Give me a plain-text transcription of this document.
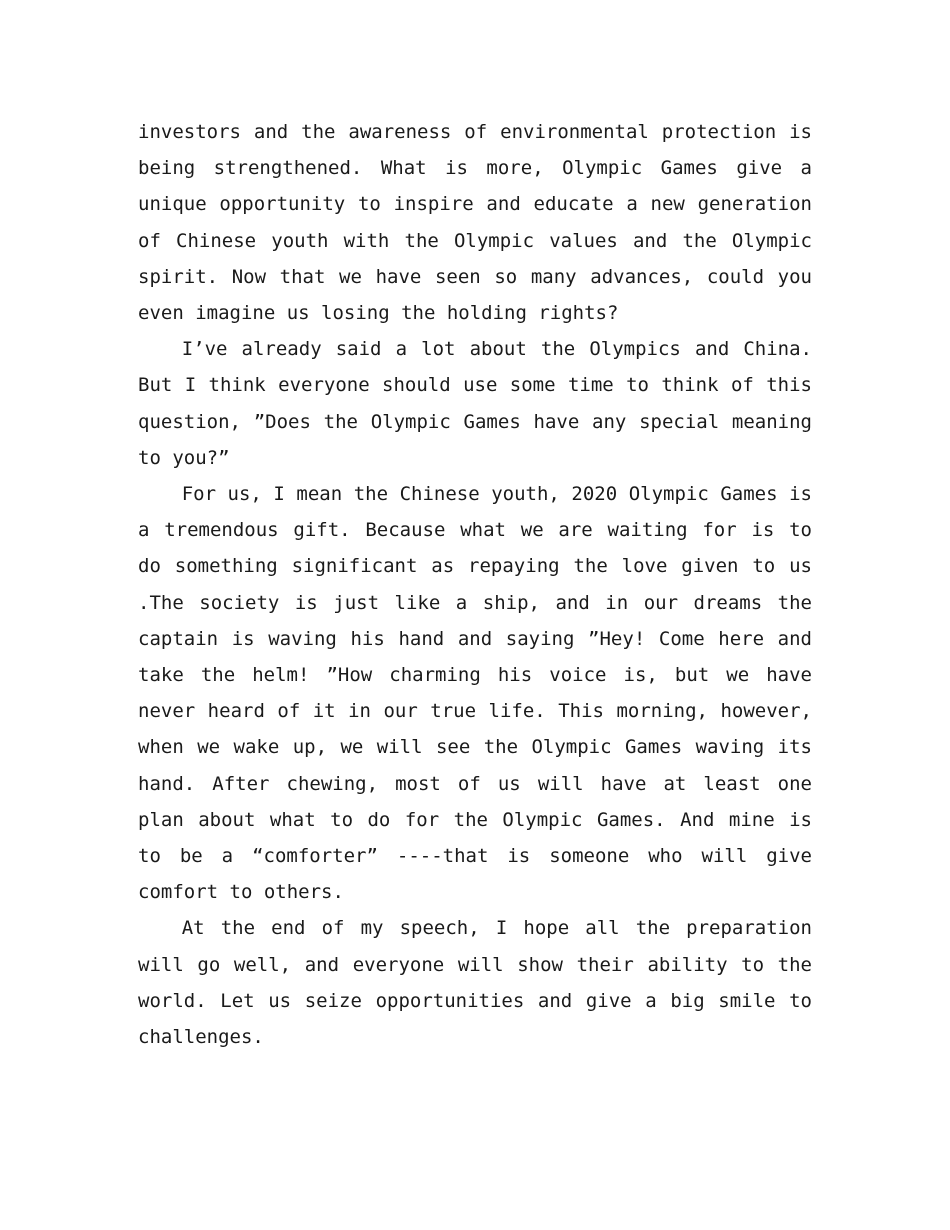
investors and the awareness of environmental protection is being strengthened. What is more, Olympic Games give a unique opportunity to inspire and educate a new generation of Chinese youth with the Olympic values and the Olympic spirit. Now that we have seen so many advances, could you even imagine us losing the holding rights?

I’ve already said a lot about the Olympics and China. But I think everyone should use some time to think of this question, ”Does the Olympic Games have any special meaning to you?”

For us, I mean the Chinese youth, 2020 Olympic Games is a tremendous gift. Because what we are waiting for is to do something significant as repaying the love given to us .The society is just like a ship, and in our dreams the captain is waving his hand and saying ”Hey! Come here and take the helm! ”How charming his voice is, but we have never heard of it in our true life. This morning, however, when we wake up, we will see the Olympic Games waving its hand. After chewing, most of us will have at least one plan about what to do for the Olympic Games. And mine is to be a “comforter” ----that is someone who will give comfort to others.

At the end of my speech, I hope all the preparation will go well, and everyone will show their ability to the world. Let us seize opportunities and give a big smile to challenges.
